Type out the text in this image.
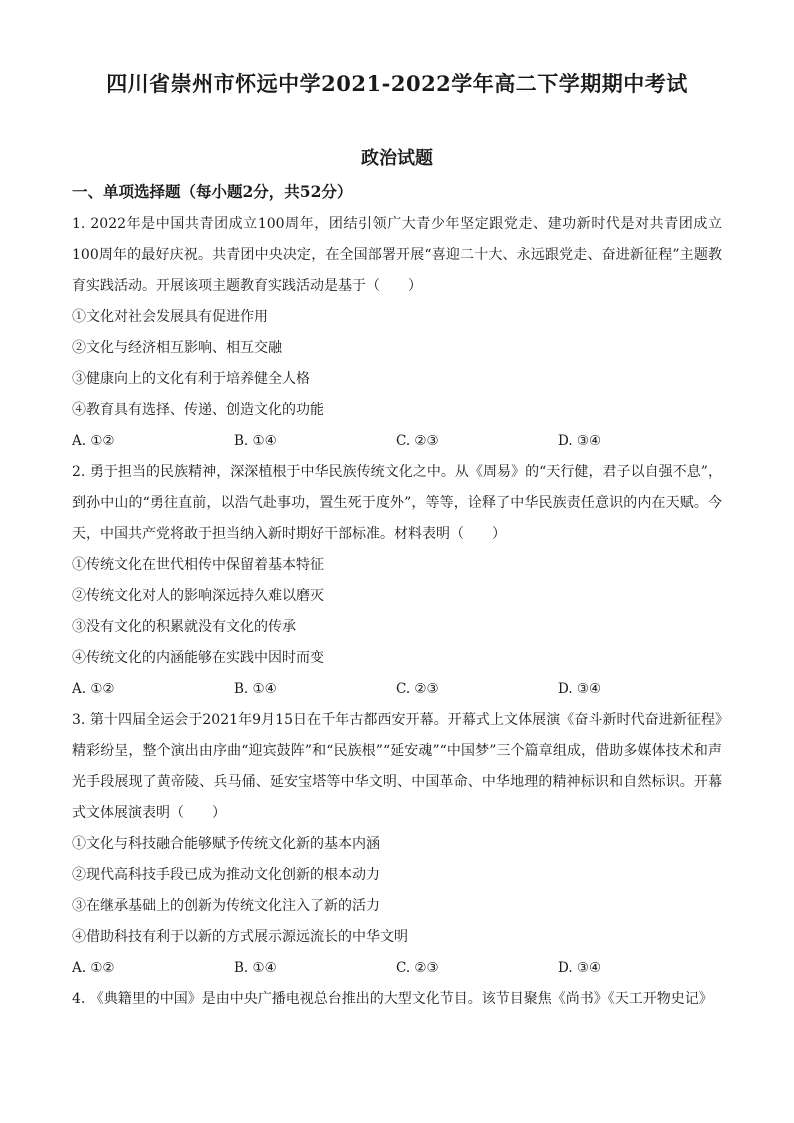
四川省崇州市怀远中学2021-2022学年高二下学期期中考试
政治试题
一、单项选择题（每小题2分，共52分）
1. 2022年是中国共青团成立100周年，团结引领广大青少年坚定跟党走、建功新时代是对共青团成立100周年的最好庆祝。共青团中央决定，在全国部署开展“喜迎二十大、永远跟党走、奋进新征程”主题教育实践活动。开展该项主题教育实践活动是基于（　　）
①文化对社会发展具有促进作用
②文化与经济相互影响、相互交融
③健康向上的文化有利于培养健全人格
④教育具有选择、传递、创造文化的功能
A. ①②	B. ①④	C. ②③	D. ③④
2. 勇于担当的民族精神，深深植根于中华民族传统文化之中。从《周易》的“天行健，君子以自强不息”，到孙中山的“勇往直前，以浩气赴事功，置生死于度外”，等等，诠释了中华民族责任意识的内在天赋。今天，中国共产党将敢于担当纳入新时期好干部标准。材料表明（　　）
①传统文化在世代相传中保留着基本特征
②传统文化对人的影响深远持久难以磨灭
③没有文化的积累就没有文化的传承
④传统文化的内涵能够在实践中因时而变
A. ①②	B. ①④	C. ②③	D. ③④
3. 第十四届全运会于2021年9月15日在千年古都西安开幕。开幕式上文体展演《奋斗新时代奋进新征程》精彩纷呈，整个演出由序曲“迎宾鼓阵”和“民族根”“延安魂”“中国梦”三个篇章组成，借助多媒体技术和声光手段展现了黄帝陵、兵马俑、延安宝塔等中华文明、中国革命、中华地理的精神标识和自然标识。开幕式文体展演表明（　　）
①文化与科技融合能够赋予传统文化新的基本内涵
②现代高科技手段已成为推动文化创新的根本动力
③在继承基础上的创新为传统文化注入了新的活力
④借助科技有利于以新的方式展示源远流长的中华文明
A. ①②	B. ①④	C. ②③	D. ③④
4. 《典籍里的中国》是由中央广播电视总台推出的大型文化节目。该节目聚焦《尚书》《天工开物史记》
